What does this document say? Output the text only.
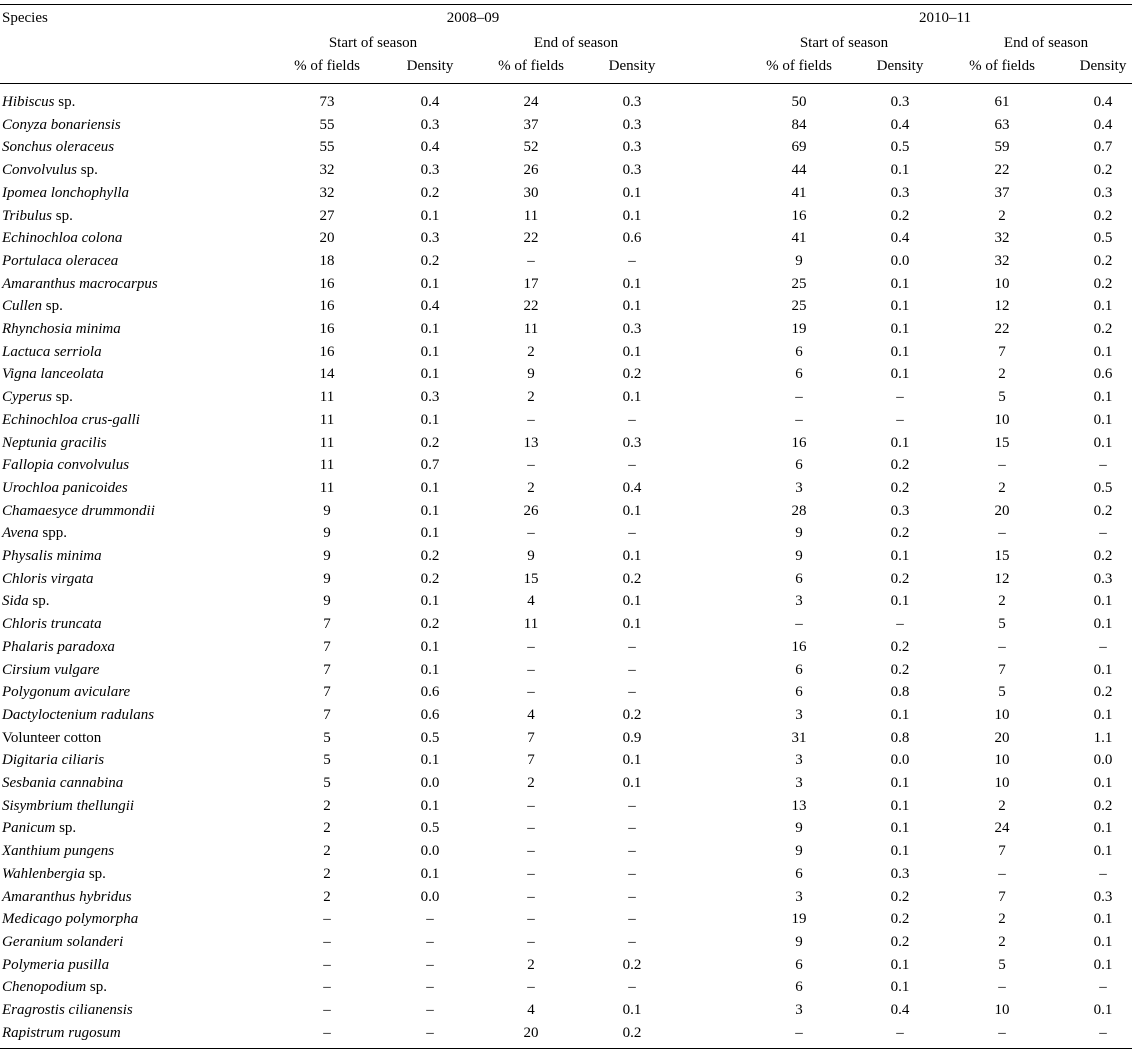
Species	2008–09	2010–11
Start of season	End of season	Start of season	End of season
% of fields	Density	% of fields	Density	% of fields	Density	% of fields	Density
Hibiscus sp.	73	0.4	24	0.3	50	0.3	61	0.4
Conyza bonariensis	55	0.3	37	0.3	84	0.4	63	0.4
Sonchus oleraceus	55	0.4	52	0.3	69	0.5	59	0.7
Convolvulus sp.	32	0.3	26	0.3	44	0.1	22	0.2
Ipomea lonchophylla	32	0.2	30	0.1	41	0.3	37	0.3
Tribulus sp.	27	0.1	11	0.1	16	0.2	2	0.2
Echinochloa colona	20	0.3	22	0.6	41	0.4	32	0.5
Portulaca oleracea	18	0.2	–	–	9	0.0	32	0.2
Amaranthus macrocarpus	16	0.1	17	0.1	25	0.1	10	0.2
Cullen sp.	16	0.4	22	0.1	25	0.1	12	0.1
Rhynchosia minima	16	0.1	11	0.3	19	0.1	22	0.2
Lactuca serriola	16	0.1	2	0.1	6	0.1	7	0.1
Vigna lanceolata	14	0.1	9	0.2	6	0.1	2	0.6
Cyperus sp.	11	0.3	2	0.1	–	–	5	0.1
Echinochloa crus-galli	11	0.1	–	–	–	–	10	0.1
Neptunia gracilis	11	0.2	13	0.3	16	0.1	15	0.1
Fallopia convolvulus	11	0.7	–	–	6	0.2	–	–
Urochloa panicoides	11	0.1	2	0.4	3	0.2	2	0.5
Chamaesyce drummondii	9	0.1	26	0.1	28	0.3	20	0.2
Avena spp.	9	0.1	–	–	9	0.2	–	–
Physalis minima	9	0.2	9	0.1	9	0.1	15	0.2
Chloris virgata	9	0.2	15	0.2	6	0.2	12	0.3
Sida sp.	9	0.1	4	0.1	3	0.1	2	0.1
Chloris truncata	7	0.2	11	0.1	–	–	5	0.1
Phalaris paradoxa	7	0.1	–	–	16	0.2	–	–
Cirsium vulgare	7	0.1	–	–	6	0.2	7	0.1
Polygonum aviculare	7	0.6	–	–	6	0.8	5	0.2
Dactyloctenium radulans	7	0.6	4	0.2	3	0.1	10	0.1
Volunteer cotton	5	0.5	7	0.9	31	0.8	20	1.1
Digitaria ciliaris	5	0.1	7	0.1	3	0.0	10	0.0
Sesbania cannabina	5	0.0	2	0.1	3	0.1	10	0.1
Sisymbrium thellungii	2	0.1	–	–	13	0.1	2	0.2
Panicum sp.	2	0.5	–	–	9	0.1	24	0.1
Xanthium pungens	2	0.0	–	–	9	0.1	7	0.1
Wahlenbergia sp.	2	0.1	–	–	6	0.3	–	–
Amaranthus hybridus	2	0.0	–	–	3	0.2	7	0.3
Medicago polymorpha	–	–	–	–	19	0.2	2	0.1
Geranium solanderi	–	–	–	–	9	0.2	2	0.1
Polymeria pusilla	–	–	2	0.2	6	0.1	5	0.1
Chenopodium sp.	–	–	–	–	6	0.1	–	–
Eragrostis cilianensis	–	–	4	0.1	3	0.4	10	0.1
Rapistrum rugosum	–	–	20	0.2	–	–	–	–
